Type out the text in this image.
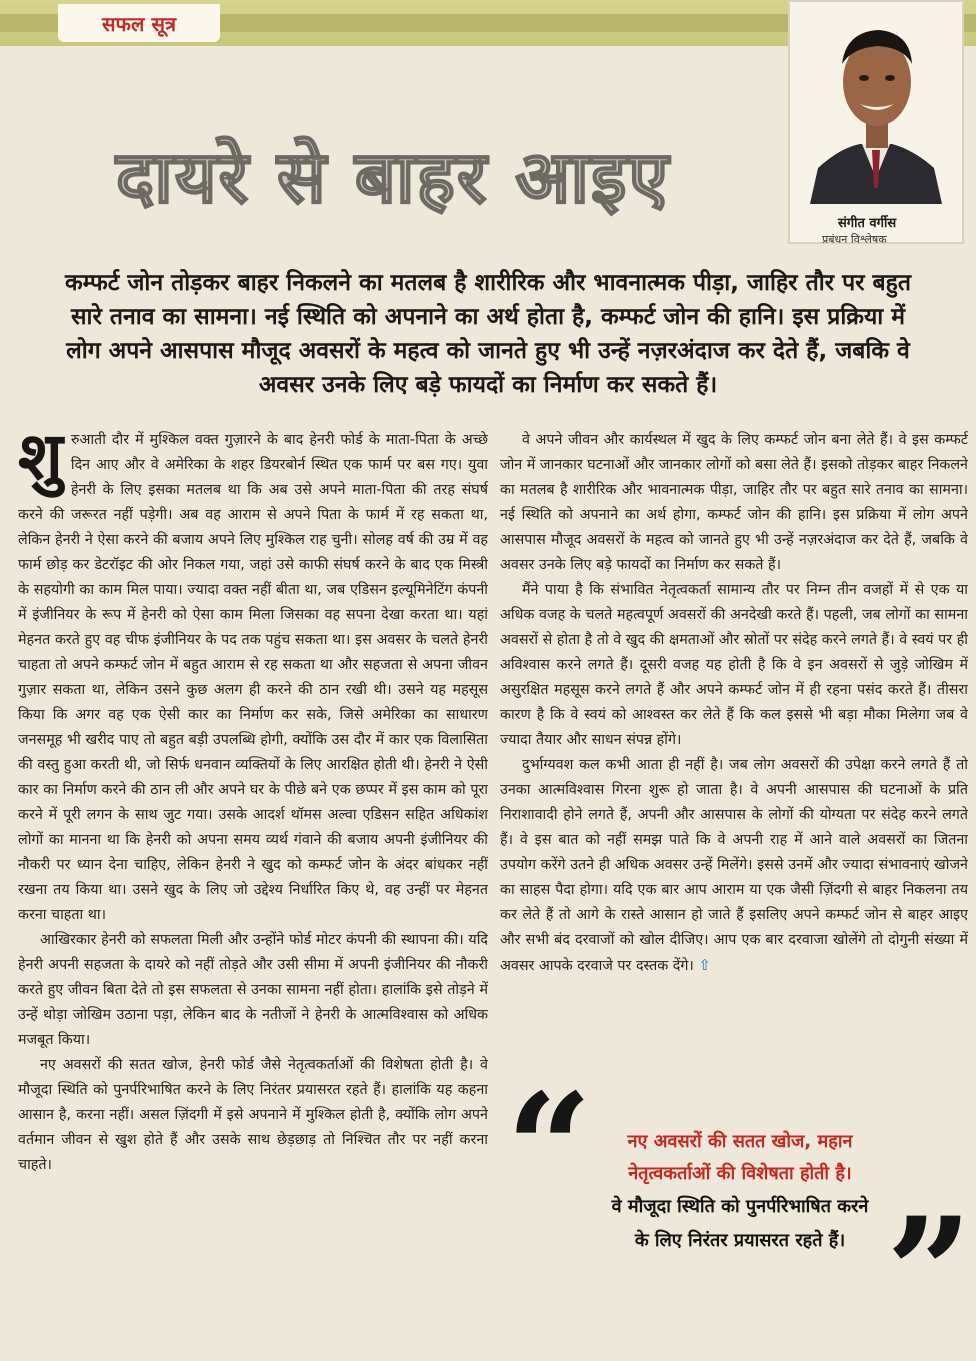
सफल सूत्र
संगीत वर्गीस
प्रबंधन विश्लेषक
दायरे से बाहर आइए
कम्फर्ट जोन तोड़कर बाहर निकलने का मतलब है शारीरिक और भावनात्मक पीड़ा, जाहिर तौर पर बहुत सारे तनाव का सामना। नई स्थिति को अपनाने का अर्थ होता है, कम्फर्ट जोन की हानि। इस प्रक्रिया में लोग अपने आसपास मौजूद अवसरों के महत्व को जानते हुए भी उन्हें नज़रअंदाज कर देते हैं, जबकि वे अवसर उनके लिए बड़े फायदों का निर्माण कर सकते हैं।

शुरुआती दौर में मुश्किल वक्त गुज़ारने के बाद हेनरी फोर्ड के माता-पिता के अच्छे दिन आए और वे अमेरिका के शहर डियरबोर्न स्थित एक फार्म पर बस गए। युवा हेनरी के लिए इसका मतलब था कि अब उसे अपने माता-पिता की तरह संघर्ष करने की जरूरत नहीं पड़ेगी। अब वह आराम से अपने पिता के फार्म में रह सकता था, लेकिन हेनरी ने ऐसा करने की बजाय अपने लिए मुश्किल राह चुनी। सोलह वर्ष की उम्र में वह फार्म छोड़ कर डेटरॉइट की ओर निकल गया, जहां उसे काफी संघर्ष करने के बाद एक मिस्त्री के सहयोगी का काम मिल पाया। ज्यादा वक्त नहीं बीता था, जब एडिसन इल्यूमिनेटिंग कंपनी में इंजीनियर के रूप में हेनरी को ऐसा काम मिला जिसका वह सपना देखा करता था। यहां मेहनत करते हुए वह चीफ इंजीनियर के पद तक पहुंच सकता था। इस अवसर के चलते हेनरी चाहता तो अपने कम्फर्ट जोन में बहुत आराम से रह सकता था और सहजता से अपना जीवन गुज़ार सकता था, लेकिन उसने कुछ अलग ही करने की ठान रखी थी। उसने यह महसूस किया कि अगर वह एक ऐसी कार का निर्माण कर सके, जिसे अमेरिका का साधारण जनसमूह भी खरीद पाए तो बहुत बड़ी उपलब्धि होगी, क्योंकि उस दौर में कार एक विलासिता की वस्तु हुआ करती थी, जो सिर्फ धनवान व्यक्तियों के लिए आरक्षित होती थी। हेनरी ने ऐसी कार का निर्माण करने की ठान ली और अपने घर के पीछे बने एक छप्पर में इस काम को पूरा करने में पूरी लगन के साथ जुट गया। उसके आदर्श थॉमस अल्वा एडिसन सहित अधिकांश लोगों का मानना था कि हेनरी को अपना समय व्यर्थ गंवाने की बजाय अपनी इंजीनियर की नौकरी पर ध्यान देना चाहिए, लेकिन हेनरी ने खुद को कम्फर्ट जोन के अंदर बांधकर नहीं रखना तय किया था। उसने खुद के लिए जो उद्देश्य निर्धारित किए थे, वह उन्हीं पर मेहनत करना चाहता था।

आखिरकार हेनरी को सफलता मिली और उन्होंने फोर्ड मोटर कंपनी की स्थापना की। यदि हेनरी अपनी सहजता के दायरे को नहीं तोड़ते और उसी सीमा में अपनी इंजीनियर की नौकरी करते हुए जीवन बिता देते तो इस सफलता से उनका सामना नहीं होता। हालांकि इसे तोड़ने में उन्हें थोड़ा जोखिम उठाना पड़ा, लेकिन बाद के नतीजों ने हेनरी के आत्मविश्वास को अधिक मजबूत किया।

नए अवसरों की सतत खोज, हेनरी फोर्ड जैसे नेतृत्वकर्ताओं की विशेषता होती है। वे मौजूदा स्थिति को पुनर्परिभाषित करने के लिए निरंतर प्रयासरत रहते हैं। हालांकि यह कहना आसान है, करना नहीं। असल ज़िंदगी में इसे अपनाने में मुश्किल होती है, क्योंकि लोग अपने वर्तमान जीवन से खुश होते हैं और उसके साथ छेड़छाड़ तो निश्चित तौर पर नहीं करना चाहते।

वे अपने जीवन और कार्यस्थल में खुद के लिए कम्फर्ट जोन बना लेते हैं। वे इस कम्फर्ट जोन में जानकार घटनाओं और जानकार लोगों को बसा लेते हैं। इसको तोड़कर बाहर निकलने का मतलब है शारीरिक और भावनात्मक पीड़ा, जाहिर तौर पर बहुत सारे तनाव का सामना। नई स्थिति को अपनाने का अर्थ होगा, कम्फर्ट जोन की हानि। इस प्रक्रिया में लोग अपने आसपास मौजूद अवसरों के महत्व को जानते हुए भी उन्हें नज़रअंदाज कर देते हैं, जबकि वे अवसर उनके लिए बड़े फायदों का निर्माण कर सकते हैं।

मैंने पाया है कि संभावित नेतृत्वकर्ता सामान्य तौर पर निम्न तीन वजहों में से एक या अधिक वजह के चलते महत्वपूर्ण अवसरों की अनदेखी करते हैं। पहली, जब लोगों का सामना अवसरों से होता है तो वे खुद की क्षमताओं और स्रोतों पर संदेह करने लगते हैं। वे स्वयं पर ही अविश्वास करने लगते हैं। दूसरी वजह यह होती है कि वे इन अवसरों से जुड़े जोखिम में असुरक्षित महसूस करने लगते हैं और अपने कम्फर्ट जोन में ही रहना पसंद करते हैं। तीसरा कारण है कि वे स्वयं को आश्वस्त कर लेते हैं कि कल इससे भी बड़ा मौका मिलेगा जब वे ज्यादा तैयार और साधन संपन्न होंगे।

दुर्भाग्यवश कल कभी आता ही नहीं है। जब लोग अवसरों की उपेक्षा करने लगते हैं तो उनका आत्मविश्वास गिरना शुरू हो जाता है। वे अपनी आसपास की घटनाओं के प्रति निराशावादी होने लगते हैं, अपनी और आसपास के लोगों की योग्यता पर संदेह करने लगते हैं। वे इस बात को नहीं समझ पाते कि वे अपनी राह में आने वाले अवसरों का जितना उपयोग करेंगे उतने ही अधिक अवसर उन्हें मिलेंगे। इससे उनमें और ज्यादा संभावनाएं खोजने का साहस पैदा होगा। यदि एक बार आप आराम या एक जैसी ज़िंदगी से बाहर निकलना तय कर लेते हैं तो आगे के रास्ते आसान हो जाते हैं इसलिए अपने कम्फर्ट जोन से बाहर आइए और सभी बंद दरवाजों को खोल दीजिए। आप एक बार दरवाजा खोलेंगे तो दोगुनी संख्या में अवसर आपके दरवाजे पर दस्तक देंगे। ⇧

“	नए अवसरों की सतत खोज, महान
नेतृत्वकर्ताओं की विशेषता होती है।
वे मौजूदा स्थिति को पुनर्परिभाषित करने
के लिए निरंतर प्रयासरत रहते हैं। ”
